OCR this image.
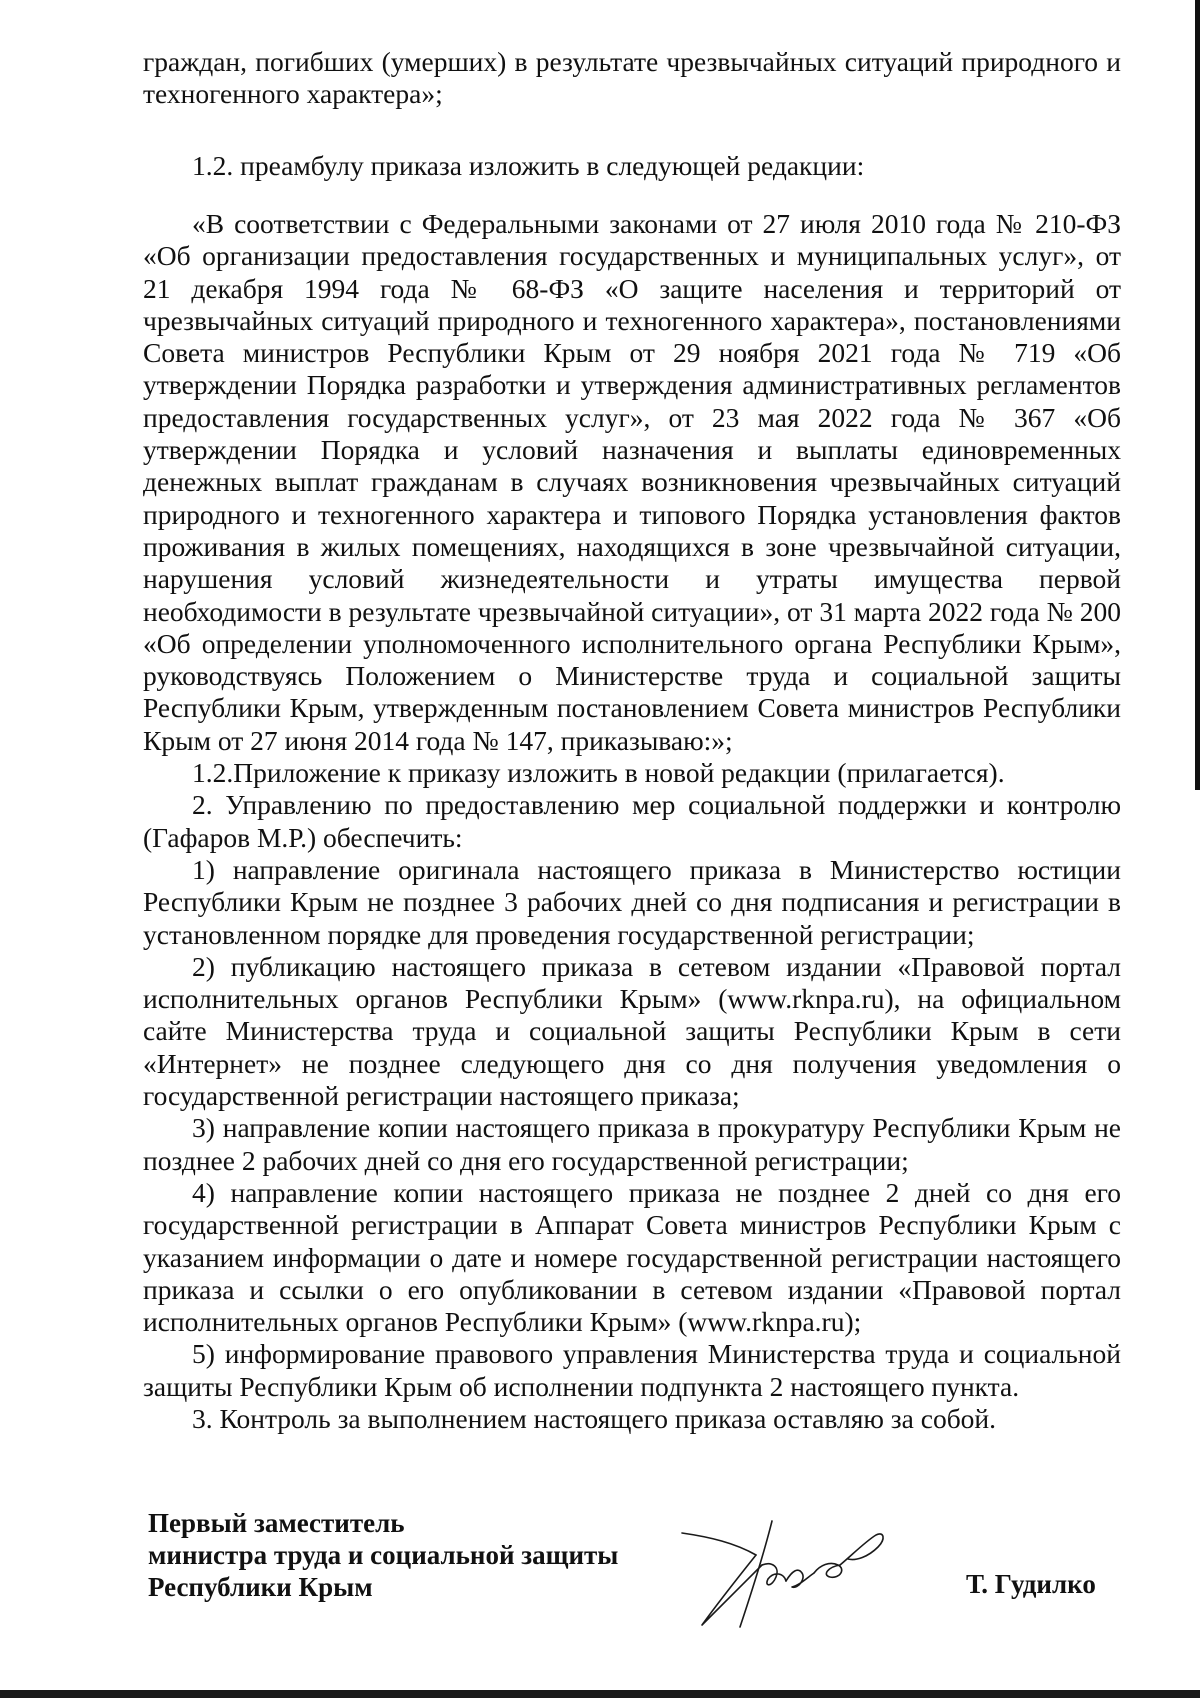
граждан, погибших (умерших) в результате чрезвычайных ситуаций природного и техногенного характера»;

1.2. преамбулу приказа изложить в следующей редакции:

«В соответствии с Федеральными законами от 27 июля 2010 года № 210-ФЗ «Об организации предоставления государственных и муниципальных услуг», от 21 декабря 1994 года № 68-ФЗ «О защите населения и территорий от чрезвычайных ситуаций природного и техногенного характера», постановлениями Совета министров Республики Крым от 29 ноября 2021 года № 719 «Об утверждении Порядка разработки и утверждения административных регламентов предоставления государственных услуг», от 23 мая 2022 года № 367 «Об утверждении Порядка и условий назначения и выплаты единовременных денежных выплат гражданам в случаях возникновения чрезвычайных ситуаций природного и техногенного характера и типового Порядка установления фактов проживания в жилых помещениях, находящихся в зоне чрезвычайной ситуации, нарушения условий жизнедеятельности и утраты имущества первой необходимости в результате чрезвычайной ситуации», от 31 марта 2022 года № 200 «Об определении уполномоченного исполнительного органа Республики Крым», руководствуясь Положением о Министерстве труда и социальной защиты Республики Крым, утвержденным постановлением Совета министров Республики Крым от 27 июня 2014 года № 147, приказываю:»;

1.2.Приложение к приказу изложить в новой редакции (прилагается).

2. Управлению по предоставлению мер социальной поддержки и контролю (Гафаров М.Р.) обеспечить:

1) направление оригинала настоящего приказа в Министерство юстиции Республики Крым не позднее 3 рабочих дней со дня подписания и регистрации в установленном порядке для проведения государственной регистрации;

2) публикацию настоящего приказа в сетевом издании «Правовой портал исполнительных органов Республики Крым» (www.rknpa.ru), на официальном сайте Министерства труда и социальной защиты Республики Крым в сети «Интернет» не позднее следующего дня со дня получения уведомления о государственной регистрации настоящего приказа;

3) направление копии настоящего приказа в прокуратуру Республики Крым не позднее 2 рабочих дней со дня его государственной регистрации;

4) направление копии настоящего приказа не позднее 2 дней со дня его государственной регистрации в Аппарат Совета министров Республики Крым с указанием информации о дате и номере государственной регистрации настоящего приказа и ссылки о его опубликовании в сетевом издании «Правовой портал исполнительных органов Республики Крым» (www.rknpa.ru);

5) информирование правового управления Министерства труда и социальной защиты Республики Крым об исполнении подпункта 2 настоящего пункта.

3. Контроль за выполнением настоящего приказа оставляю за собой.

Первый заместитель
министра труда и социальной защиты
Республики Крым	Т. Гудилко
